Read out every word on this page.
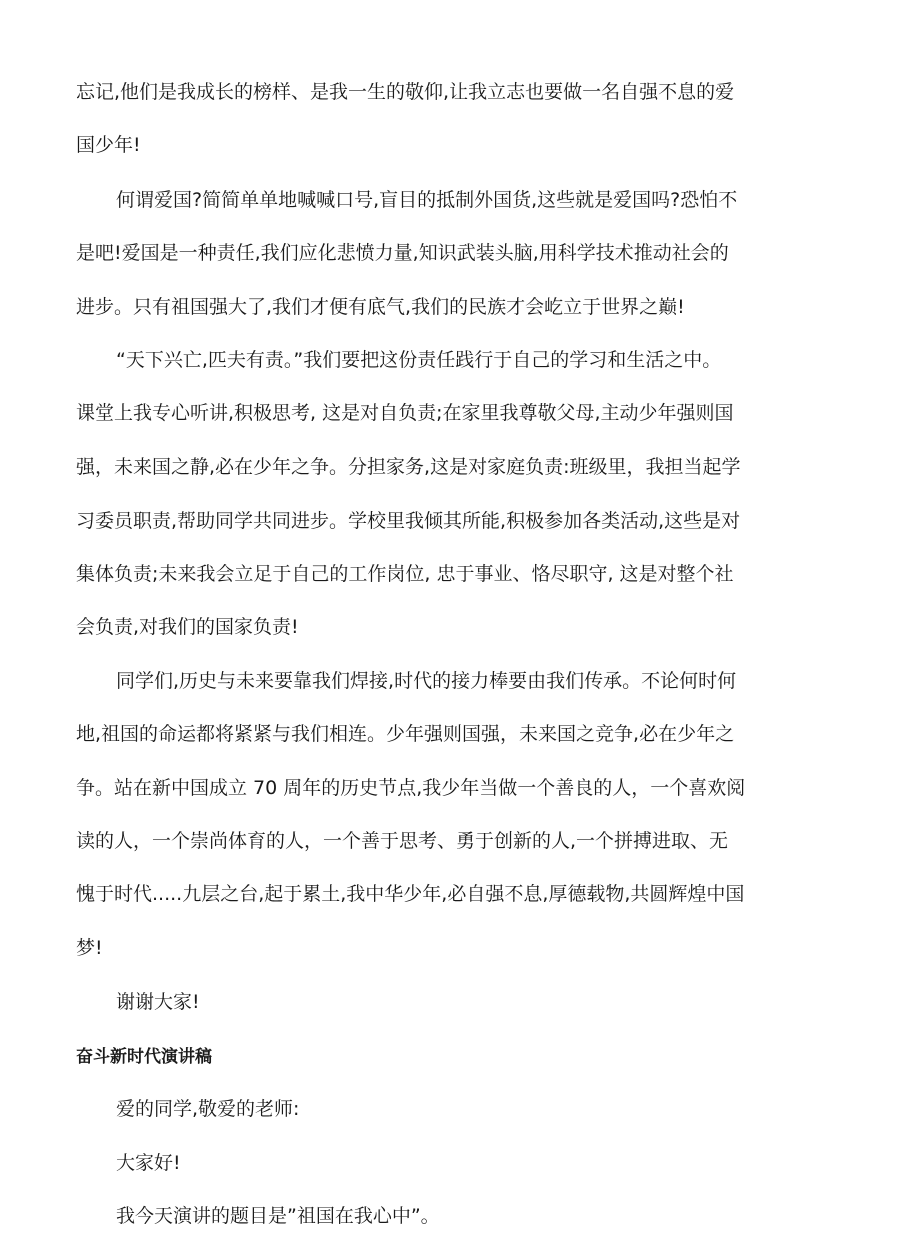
忘记,他们是我成长的榜样、是我一生的敬仰,让我立志也要做一名自强不息的爱
国少年!
何谓爱国?简简单单地喊喊口号,盲目的抵制外国货,这些就是爱国吗?恐怕不
是吧!爱国是一种责任,我们应化悲愤力量,知识武装头脑,用科学技术推动社会的
进步。只有祖国强大了,我们才便有底气,我们的民族才会屹立于世界之巅!
“天下兴亡,匹夫有责。”我们要把这份责任践行于自己的学习和生活之中。
课堂上我专心听讲,积极思考, 这是对自负责;在家里我尊敬父母,主动少年强则国
强，未来国之静,必在少年之争。分担家务,这是对家庭负责:班级里，我担当起学
习委员职责,帮助同学共同进步。学校里我倾其所能,积极参加各类活动,这些是对
集体负责;未来我会立足于自己的工作岗位, 忠于事业、恪尽职守, 这是对整个社
会负责,对我们的国家负责!
同学们,历史与未来要靠我们焊接,时代的接力棒要由我们传承。不论何时何
地,祖国的命运都将紧紧与我们相连。少年强则国强，未来国之竞争,必在少年之
争。站在新中国成立 70 周年的历史节点,我少年当做一个善良的人，一个喜欢阅
读的人，一个崇尚体育的人，一个善于思考、勇于创新的人,一个拼搏进取、无
愧于时代.....九层之台,起于累土,我中华少年,必自强不息,厚德载物,共圆辉煌中国
梦!
谢谢大家!
奋斗新时代演讲稿
爱的同学,敬爱的老师:
大家好!
我今天演讲的题目是”祖国在我心中”。
